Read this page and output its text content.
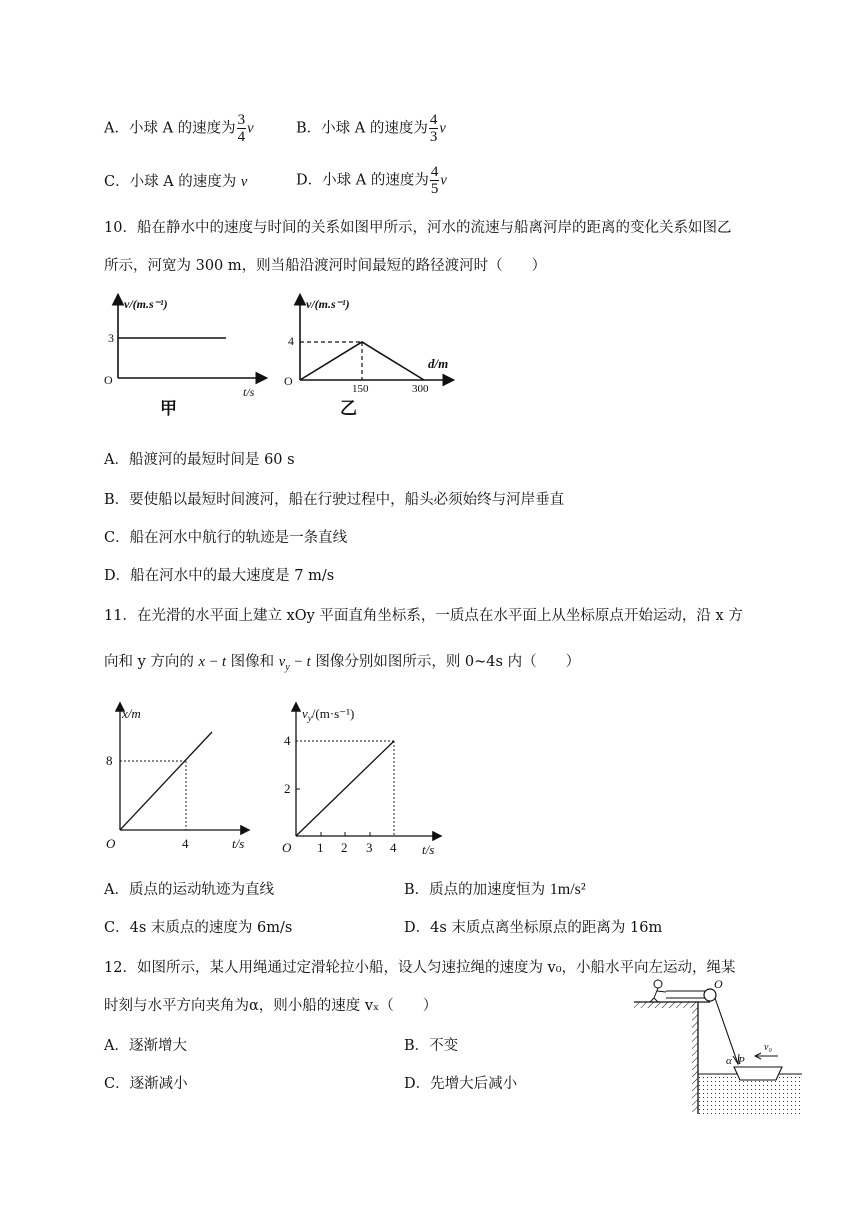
A．小球 A 的速度为 $\frac{3}{4}$ v	B．小球 A 的速度为 $\frac{4}{3}$ v
C．小球 A 的速度为 v	D．小球 A 的速度为 $\frac{4}{5}$ v
10．船在静水中的速度与时间的关系如图甲所示，河水的流速与船离河岸的距离的变化关系如图乙
所示，河宽为 300 m，则当船沿渡河时间最短的路径渡河时（　　）
v/(m.s⁻¹)
3
O
t/s
甲
v/(m.s⁻¹)
4
O
150	300
d/m
乙
A．船渡河的最短时间是 60 s
B．要使船以最短时间渡河，船在行驶过程中，船头必须始终与河岸垂直
C．船在河水中航行的轨迹是一条直线
D．船在河水中的最大速度是 7 m/s
11．在光滑的水平面上建立 xOy 平面直角坐标系，一质点在水平面上从坐标原点开始运动，沿 x 方
向和 y 方向的 x − t 图像和 $v_y - t$ 图像分别如图所示，则 0~4s 内（　　）
x/m
8
O	4	t/s
$v_y/(m\cdot s^{-1})$
2
4
O 1 2 3 4 t/s
A．质点的运动轨迹为直线	B．质点的加速度恒为 1m/s²
C．4s 末质点的速度为 6m/s	D．4s 末质点离坐标原点的距离为 16m
12．如图所示，某人用绳通过定滑轮拉小船，设人匀速拉绳的速度为 v₀，小船水平向左运动，绳某
时刻与水平方向夹角为α，则小船的速度 vₓ（　　）
A．逐渐增大	B．不变
C．逐渐减小	D．先增大后减小
O
P
α
v₀
